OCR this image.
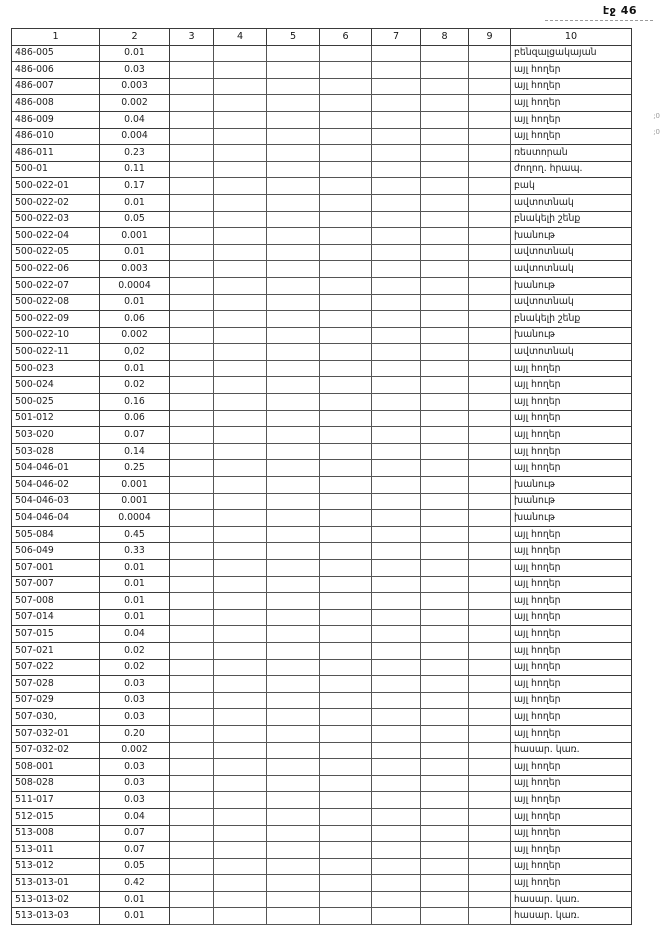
էջ 46
;0
;0
1	2	3	4	5	6	7	8	9	10
486-005	0.01								բենզալցակայան
486-006	0.03								այլ հողեր
486-007	0.003								այլ հողեր
486-008	0.002								այլ հողեր
486-009	0.04								այլ հողեր
486-010	0.004								այլ հողեր
486-011	0.23								ռեստորան
500-01	0.11								ժողող. հրապ.
500-022-01	0.17								բակ
500-022-02	0.01								ավտոտնակ
500-022-03	0.05								բնակելի շենք
500-022-04	0.001								խանութ
500-022-05	0.01								ավտոտնակ
500-022-06	0.003								ավտոտնակ
500-022-07	0.0004								խանութ
500-022-08	0.01								ավտոտնակ
500-022-09	0.06								բնակելի շենք
500-022-10	0.002								խանութ
500-022-11	0,02								ավտոտնակ
500-023	0.01								այլ հողեր
500-024	0.02								այլ հողեր
500-025	0.16								այլ հողեր
501-012	0.06								այլ հողեր
503-020	0.07								այլ հողեր
503-028	0.14								այլ հողեր
504-046-01	0.25								այլ հողեր
504-046-02	0.001								խանութ
504-046-03	0.001								խանութ
504-046-04	0.0004								խանութ
505-084	0.45								այլ հողեր
506-049	0.33								այլ հողեր
507-001	0.01								այլ հողեր
507-007	0.01								այլ հողեր
507-008	0.01								այլ հողեր
507-014	0.01								այլ հողեր
507-015	0.04								այլ հողեր
507-021	0.02								այլ հողեր
507-022	0.02								այլ հողեր
507-028	0.03								այլ հողեր
507-029	0.03								այլ հողեր
507-030,	0.03								այլ հողեր
507-032-01	0.20								այլ հողեր
507-032-02	0.002								հասար. կառ.
508-001	0.03								այլ հողեր
508-028	0.03								այլ հողեր
511-017	0.03								այլ հողեր
512-015	0.04								այլ հողեր
513-008	0.07								այլ հողեր
513-011	0.07								այլ հողեր
513-012	0.05								այլ հողեր
513-013-01	0.42								այլ հողեր
513-013-02	0.01								հասար. կառ.
513-013-03	0.01								հասար. կառ.
